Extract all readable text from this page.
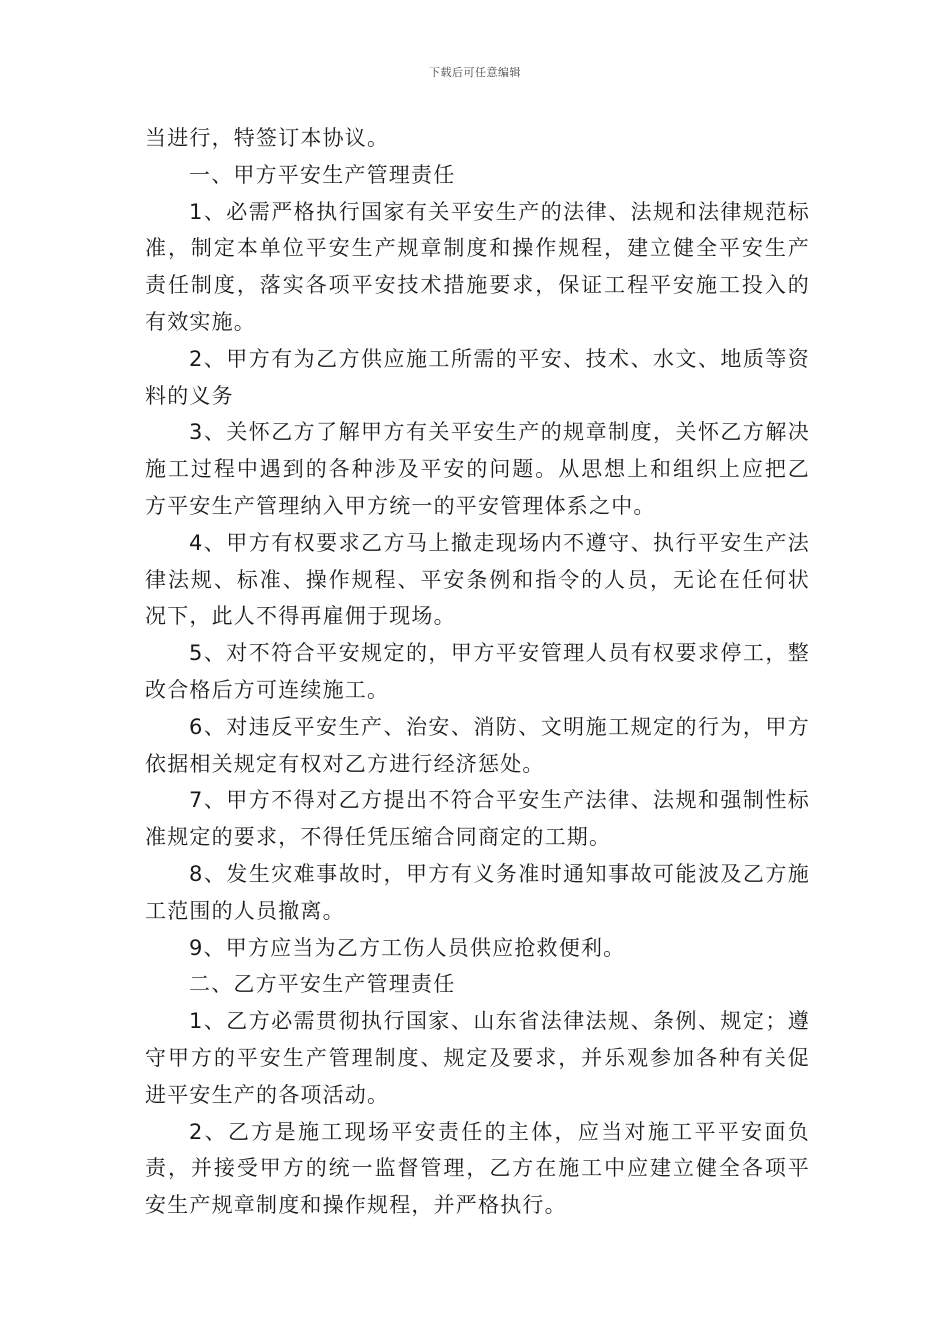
下载后可任意编辑

当进行，特签订本协议。

一、甲方平安生产管理责任

1、必需严格执行国家有关平安生产的法律、法规和法律规范标准，制定本单位平安生产规章制度和操作规程，建立健全平安生产责任制度，落实各项平安技术措施要求，保证工程平安施工投入的有效实施。

2、甲方有为乙方供应施工所需的平安、技术、水文、地质等资料的义务

3、关怀乙方了解甲方有关平安生产的规章制度，关怀乙方解决施工过程中遇到的各种涉及平安的问题。从思想上和组织上应把乙方平安生产管理纳入甲方统一的平安管理体系之中。

4、甲方有权要求乙方马上撤走现场内不遵守、执行平安生产法律法规、标准、操作规程、平安条例和指令的人员，无论在任何状况下，此人不得再雇佣于现场。

5、对不符合平安规定的，甲方平安管理人员有权要求停工，整改合格后方可连续施工。

6、对违反平安生产、治安、消防、文明施工规定的行为，甲方依据相关规定有权对乙方进行经济惩处。

7、甲方不得对乙方提出不符合平安生产法律、法规和强制性标准规定的要求，不得任凭压缩合同商定的工期。

8、发生灾难事故时，甲方有义务准时通知事故可能波及乙方施工范围的人员撤离。

9、甲方应当为乙方工伤人员供应抢救便利。

二、乙方平安生产管理责任

1、乙方必需贯彻执行国家、山东省法律法规、条例、规定；遵守甲方的平安生产管理制度、规定及要求，并乐观参加各种有关促进平安生产的各项活动。

2、乙方是施工现场平安责任的主体，应当对施工平平安面负责，并接受甲方的统一监督管理，乙方在施工中应建立健全各项平安生产规章制度和操作规程，并严格执行。
